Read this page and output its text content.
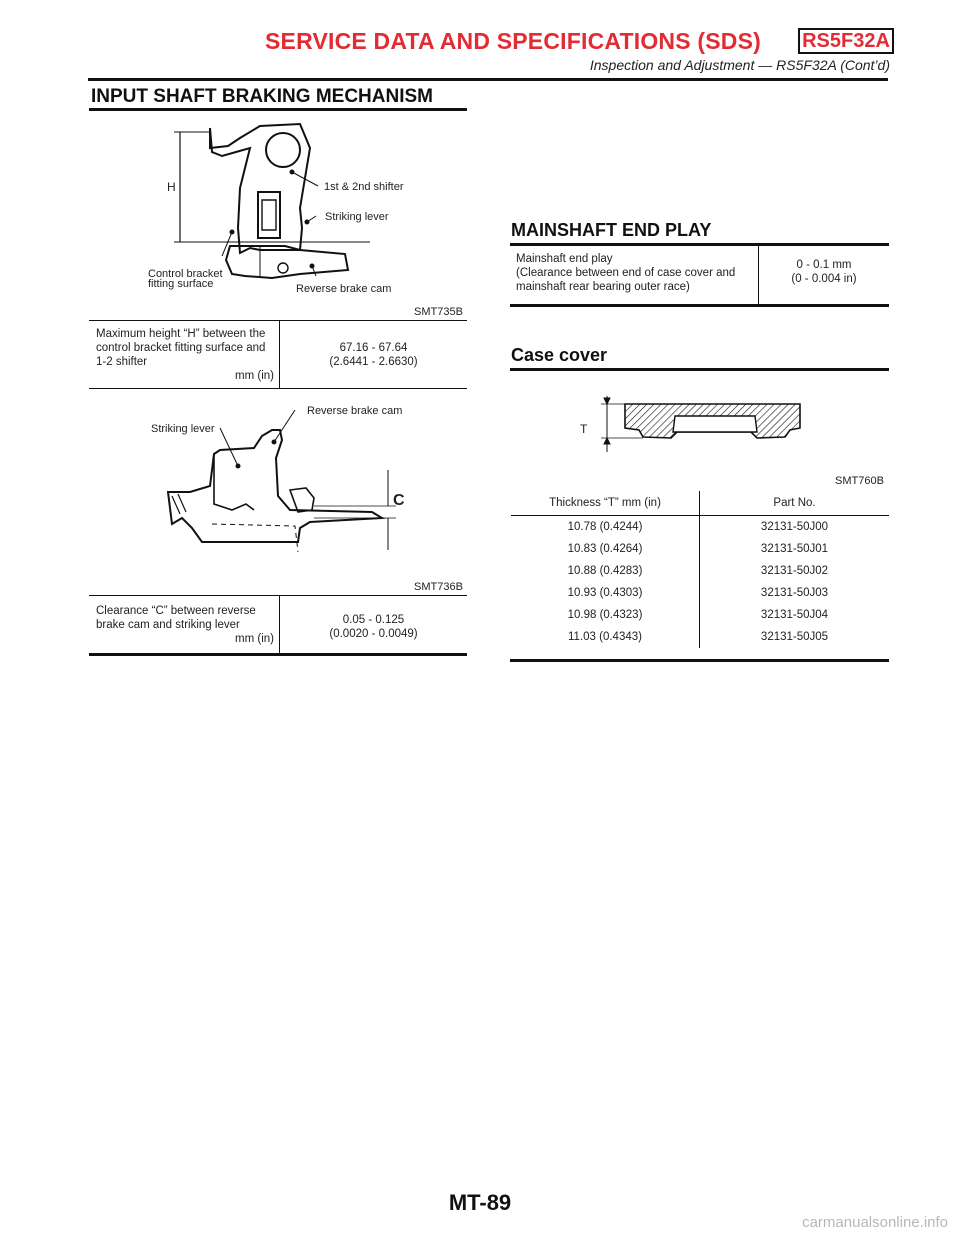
SERVICE DATA AND SPECIFICATIONS (SDS) RS5F32A
Inspection and Adjustment — RS5F32A (Cont’d)
INPUT SHAFT BRAKING MECHANISM
H	1st & 2nd shifter
Striking lever
Control bracket
fitting surface	Reverse brake cam
SMT735B
Maximum height “H” between the
control bracket fitting surface and
1-2 shifter
mm (in)
67.16 - 67.64
(2.6441 - 2.6630)
Striking lever
Reverse brake cam
C
SMT736B
Clearance “C” between reverse
brake cam and striking lever
mm (in)
0.05 - 0.125
(0.0020 - 0.0049)
MAINSHAFT END PLAY
Mainshaft end play
(Clearance between end of case cover and
mainshaft rear bearing outer race)
0 - 0.1 mm
(0 - 0.004 in)
Case cover
T
SMT760B
Thickness “T” mm (in)	Part No.
10.78 (0.4244)	32131-50J00
10.83 (0.4264)	32131-50J01
10.88 (0.4283)	32131-50J02
10.93 (0.4303)	32131-50J03
10.98 (0.4323)	32131-50J04
11.03 (0.4343)	32131-50J05
MT-89
carmanualsonline.info
